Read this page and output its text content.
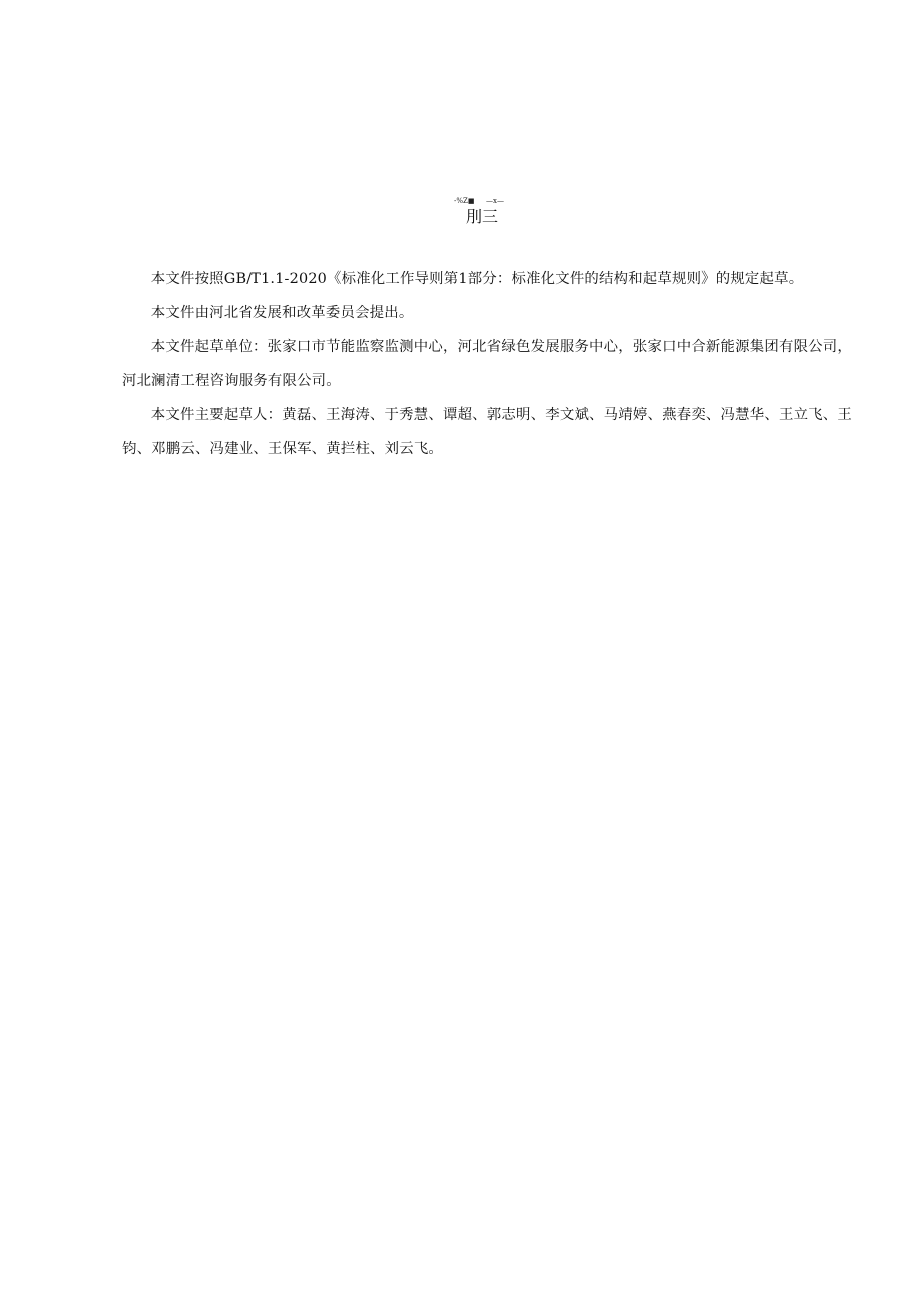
-%Z■ —x—
刖三

本文件按照GB/T1.1-2020《标准化工作导则第1部分：标准化文件的结构和起草规则》的规定起草。

本文件由河北省发展和改革委员会提出。

本文件起草单位：张家口市节能监察监测中心，河北省绿色发展服务中心，张家口中合新能源集团有限公司，河北澜清工程咨询服务有限公司。

本文件主要起草人：黄磊、王海涛、于秀慧、谭超、郭志明、李文斌、马靖婷、燕春奕、冯慧华、王立飞、王钧、邓鹏云、冯建业、王保军、黄拦柱、刘云飞。
